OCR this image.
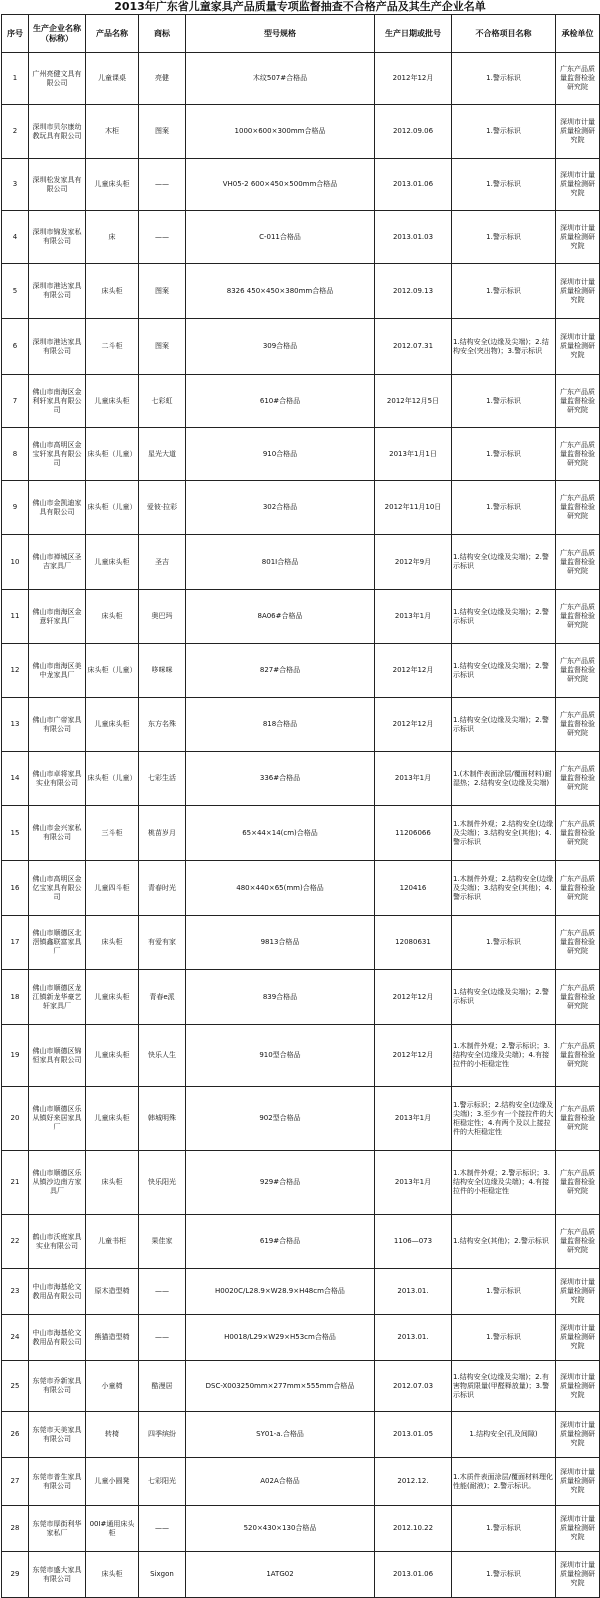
2013年广东省儿童家具产品质量专项监督抽查不合格产品及其生产企业名单
序号	生产企业名称（标称）	产品名称	商标	型号规格	生产日期或批号	不合格项目名称	承检单位
1	广州亮健文具有限公司	儿童课桌	亮健	木纹507#合格品	2012年12月	1.警示标识	广东产品质量监督检验研究院
2	深圳市贝尔康幼教玩具有限公司	木柜	图案	1000×600×300mm合格品	2012.09.06	1.警示标识	深圳市计量质量检测研究院
3	深圳松发家具有限公司	儿童床头柜	——	VH05-2 600×450×500mm合格品	2013.01.06	1.警示标识	深圳市计量质量检测研究院
4	深圳市锦发家私有限公司	床	——	C-011合格品	2013.01.03	1.警示标识	深圳市计量质量检测研究院
5	深圳市港达家具有限公司	床头柜	图案	8326 450×450×380mm合格品	2012.09.13	1.警示标识	深圳市计量质量检测研究院
6	深圳市港达家具有限公司	二斗柜	图案	309合格品	2012.07.31	1.结构安全(边缘及尖端)；2.结构安全(突出物)；3.警示标识	深圳市计量质量检测研究院
7	佛山市南海区金利轩家具有限公司	儿童床头柜	七彩虹	610#合格品	2012年12月5日	1.警示标识	广东产品质量监督检验研究院
8	佛山市高明区金宝轩家具有限公司	床头柜（儿童）	星光大道	910合格品	2013年1月1日	1.警示标识	广东产品质量监督检验研究院
9	佛山市金凯迪家具有限公司	床头柜（儿童）	爱彼·拉彩	302合格品	2012年11月10日	1.警示标识	广东产品质量监督检验研究院
10	佛山市禅城区圣吉家具厂	儿童床头柜	圣吉	801I合格品	2012年9月	1.结构安全(边缘及尖端)；2.警示标识	广东产品质量监督检验研究院
11	佛山市南海区金意轩家具厂	床头柜	奥巴玛	8A06#合格品	2013年1月	1.结构安全(边缘及尖端)；2.警示标识	广东产品质量监督检验研究院
12	佛山市南海区美中龙家具厂	床头柜（儿童）	哆咪咪	827#合格品	2012年12月	1.结构安全(边缘及尖端)；2.警示标识	广东产品质量监督检验研究院
13	佛山市广帝家具有限公司	儿童床头柜	东方名殊	818合格品	2012年12月	1.结构安全(边缘及尖端)；2.警示标识	广东产品质量监督检验研究院
14	佛山市卓将家具实业有限公司	床头柜（儿童）	七彩生活	336#合格品	2013年1月	1.(木制件表面涂层/覆面材料)耐湿热；2.结构安全(边缘及尖端)	广东产品质量监督检验研究院
15	佛山市金兴家私有限公司	三斗柜	桃苗岁月	65×44×14(cm)合格品	11206066	1.木制件外观；2.结构安全(边缘及尖端)；3.结构安全(其他)；4.警示标识	广东产品质量监督检验研究院
16	佛山市高明区金亿宝家具有限公司	儿童四斗柜	青春时光	480×440×65(mm)合格品	120416	1.木制件外观；2.结构安全(边缘及尖端)；3.结构安全(其他)；4.警示标识	广东产品质量监督检验研究院
17	佛山市顺德区北滘镇鑫联富家具厂	床头柜	有爱有家	9813合格品	12080631	1.警示标识	广东产品质量监督检验研究院
18	佛山市顺德区龙江镇新龙华豪艺轩家具厂	儿童床头柜	青春e派	839合格品	2012年12月	1.结构安全(边缘及尖端)；2.警示标识	广东产品质量监督检验研究院
19	佛山市顺德区锦恒家具有限公司	儿童床头柜	快乐人生	910型合格品	2012年12月	1.木制件外观；2.警示标识；3.结构安全(边缘及尖端)；4.有接拉件的小柜稳定性	广东产品质量监督检验研究院
20	佛山市顺德区乐从镇好来居家具厂	儿童床头柜	韩城明殊	902型合格品	2013年1月	1.警示标识；2.结构安全(边缘及尖端)；3.至少有一个接拉件的大柜稳定性；4.有两个及以上接拉件的大柜稳定性	广东产品质量监督检验研究院
21	佛山市顺德区乐从镇沙边南方家具厂	床头柜	快乐阳光	929#合格品	2013年1月	1.木制件外观；2.警示标识；3.结构安全(边缘及尖端)；4.有接拉件的小柜稳定性	广东产品质量监督检验研究院
22	鹤山市沃庭家具实业有限公司	儿童书柜	果佳家	619#合格品	1106—073	1.结构安全(其他)；2.警示标识	广东产品质量监督检验研究院
23	中山市海基伦文教用品有限公司	原木造型椅	——	H0020C/L28.9×W28.9×H48cm合格品	2013.01.	1.警示标识	深圳市计量质量检测研究院
24	中山市海基伦文教用品有限公司	熊猫造型椅	——	H0018/L29×W29×H53cm合格品	2013.01.	1.警示标识	深圳市计量质量检测研究院
25	东莞市乔新家具有限公司	小童椅	酷漫居	DSC-X003250mm×277mm×555mm合格品	2012.07.03	1.结构安全(边缘及尖端)；2.有害物质限量(甲醛释放量)；3.警示标识	深圳市计量质量检测研究院
26	东莞市天美家具有限公司	转椅	四季缤纷	SY01-a.合格品	2013.01.05	1.结构安全(孔及间隙)	深圳市计量质量检测研究院
27	东莞市普生家具有限公司	儿童小圆凳	七彩阳光	A02A合格品	2012.12.	1.木质件表面涂层/覆面材料理化性能(耐液)；2.警示标识。	深圳市计量质量检测研究院
28	东莞市厚街利华家私厂	00I#通用床头柜	——	520×430×130合格品	2012.10.22	1.警示标识	深圳市计量质量检测研究院
29	东莞市盛大家具有限公司	床头柜	Sixgon	1ATG02	2013.01.06	1.警示标识	深圳市计量质量检测研究院
